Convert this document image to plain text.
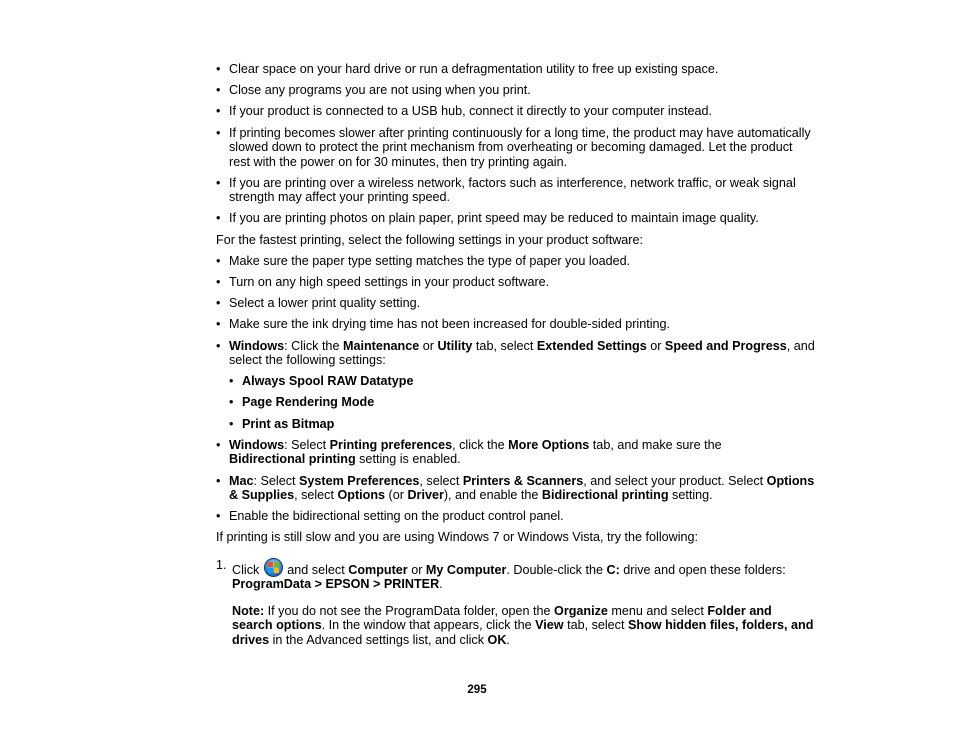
• Clear space on your hard drive or run a defragmentation utility to free up existing space.
• Close any programs you are not using when you print.
• If your product is connected to a USB hub, connect it directly to your computer instead.
• If printing becomes slower after printing continuously for a long time, the product may have automatically slowed down to protect the print mechanism from overheating or becoming damaged. Let the product rest with the power on for 30 minutes, then try printing again.
• If you are printing over a wireless network, factors such as interference, network traffic, or weak signal strength may affect your printing speed.
• If you are printing photos on plain paper, print speed may be reduced to maintain image quality.
For the fastest printing, select the following settings in your product software:
• Make sure the paper type setting matches the type of paper you loaded.
• Turn on any high speed settings in your product software.
• Select a lower print quality setting.
• Make sure the ink drying time has not been increased for double-sided printing.
• Windows: Click the Maintenance or Utility tab, select Extended Settings or Speed and Progress, and select the following settings:
• Always Spool RAW Datatype
• Page Rendering Mode
• Print as Bitmap
• Windows: Select Printing preferences, click the More Options tab, and make sure the Bidirectional printing setting is enabled.
• Mac: Select System Preferences, select Printers & Scanners, and select your product. Select Options & Supplies, select Options (or Driver), and enable the Bidirectional printing setting.
• Enable the bidirectional setting on the product control panel.
If printing is still slow and you are using Windows 7 or Windows Vista, try the following:
1. Click
and select Computer or My Computer. Double-click the C: drive and open these folders: ProgramData > EPSON > PRINTER.
Note: If you do not see the ProgramData folder, open the Organize menu and select Folder and search options. In the window that appears, click the View tab, select Show hidden files, folders, and drives in the Advanced settings list, and click OK.
295
